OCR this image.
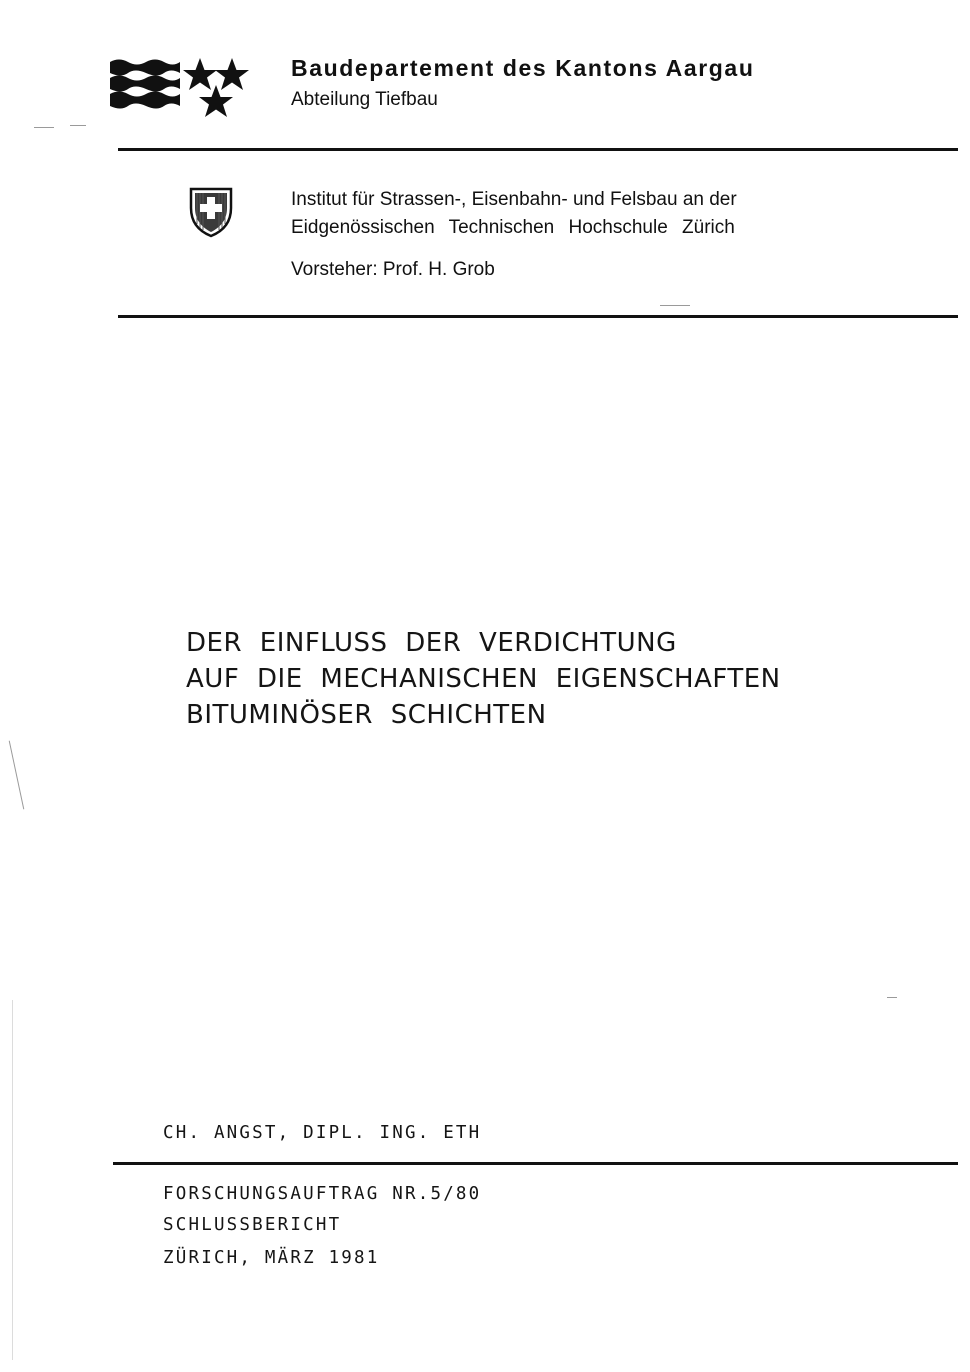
Baudepartement des Kantons Aargau
Abteilung Tiefbau
Institut für Strassen-, Eisenbahn- und Felsbau an der
Eidgenössischen Technischen Hochschule Zürich
Vorsteher: Prof. H. Grob
DER EINFLUSS DER VERDICHTUNG
AUF DIE MECHANISCHEN EIGENSCHAFTEN
BITUMINÖSER SCHICHTEN
CH. ANGST, DIPL. ING. ETH
FORSCHUNGSAUFTRAG NR.5/80
SCHLUSSBERICHT
ZÜRICH, MÄRZ 1981
